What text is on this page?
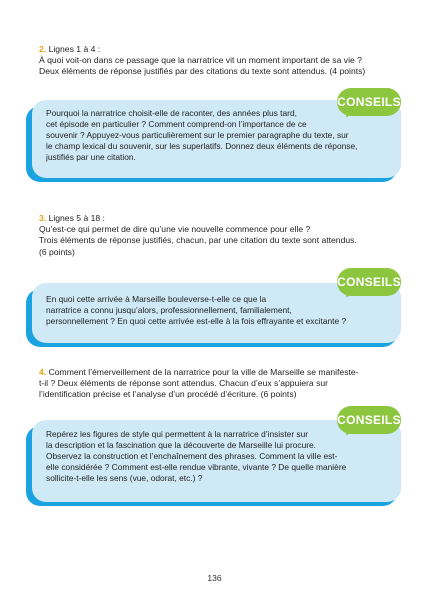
2. Lignes 1 à 4 :

À quoi voit-on dans ce passage que la narratrice vit un moment important de sa vie ?

Deux éléments de réponse justifiés par des citations du texte sont attendus. (4 points)

Pourquoi la narratrice choisit-elle de raconter, des années plus tard,
cet épisode en particulier ? Comment comprend-on l’importance de ce
souvenir ? Appuyez-vous particulièrement sur le premier paragraphe du texte, sur
le champ lexical du souvenir, sur les superlatifs. Donnez deux éléments de réponse,
justifiés par une citation.
CONSEILS

3. Lignes 5 à 18 :

Qu’est-ce qui permet de dire qu’une vie nouvelle commence pour elle ?

Trois éléments de réponse justifiés, chacun, par une citation du texte sont attendus.

(6 points)

En quoi cette arrivée à Marseille bouleverse-t-elle ce que la
narratrice a connu jusqu’alors, professionnellement, familialement,
personnellement ? En quoi cette arrivée est-elle à la fois effrayante et excitante ?
CONSEILS

4. Comment l’émerveillement de la narratrice pour la ville de Marseille se manifeste-

t-il ? Deux éléments de réponse sont attendus. Chacun d’eux s’appuiera sur

l’identification précise et l’analyse d’un procédé d’écriture. (6 points)

Repérez les figures de style qui permettent à la narratrice d’insister sur
la description et la fascination que la découverte de Marseille lui procure.
Observez la construction et l’enchaînement des phrases. Comment la ville est-
elle considérée ? Comment est-elle rendue vibrante, vivante ? De quelle manière
sollicite-t-elle les sens (vue, odorat, etc.) ?
CONSEILS
136
